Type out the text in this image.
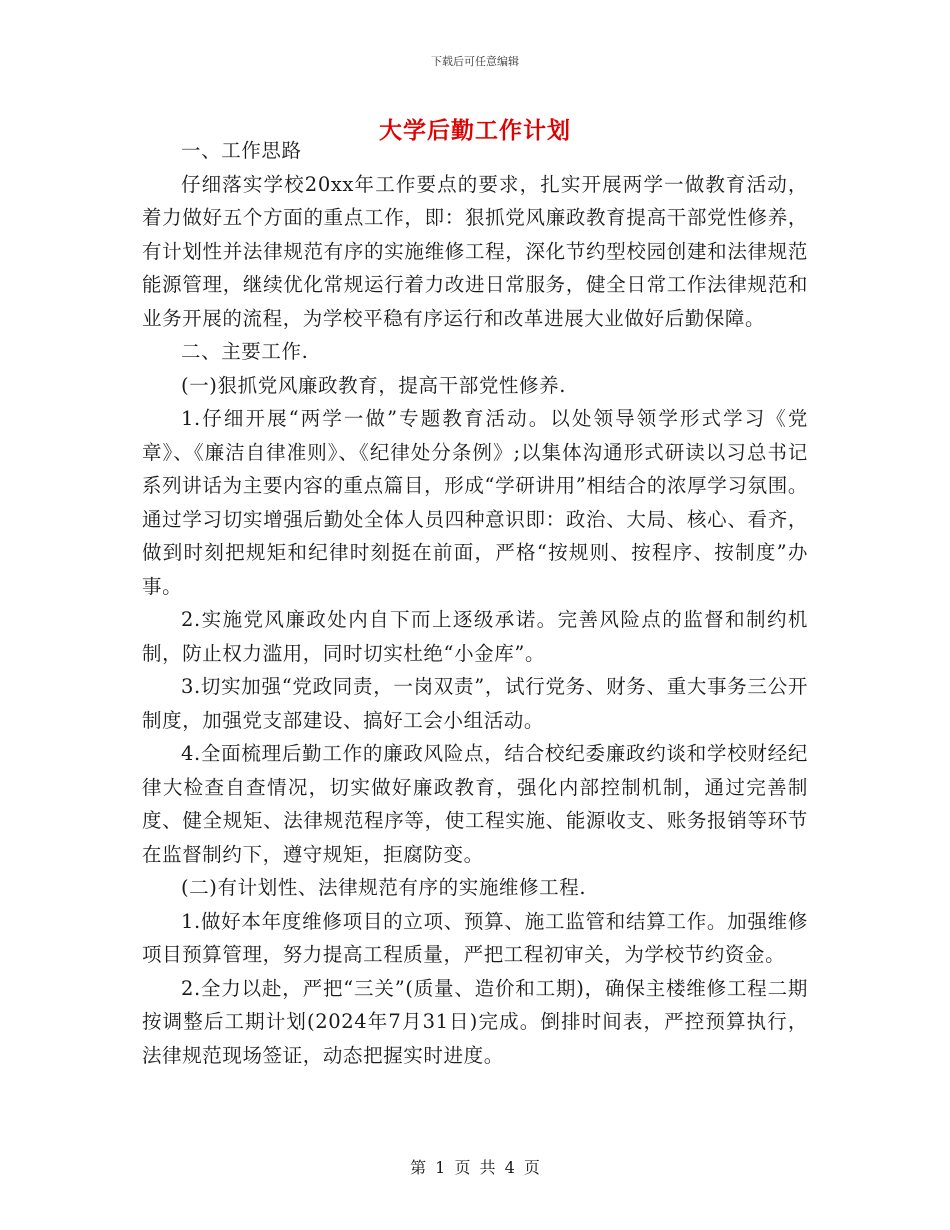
下载后可任意编辑
大学后勤工作计划

一、工作思路

仔细落实学校20xx年工作要点的要求，扎实开展两学一做教育活动，着力做好五个方面的重点工作，即：狠抓党风廉政教育提高干部党性修养，有计划性并法律规范有序的实施维修工程，深化节约型校园创建和法律规范能源管理，继续优化常规运行着力改进日常服务，健全日常工作法律规范和业务开展的流程，为学校平稳有序运行和改革进展大业做好后勤保障。

二、主要工作.

(一)狠抓党风廉政教育，提高干部党性修养.

1.仔细开展“两学一做”专题教育活动。以处领导领学形式学习《党章》、《廉洁自律准则》、《纪律处分条例》;以集体沟通形式研读以习总书记系列讲话为主要内容的重点篇目，形成“学研讲用”相结合的浓厚学习氛围。通过学习切实增强后勤处全体人员四种意识即：政治、大局、核心、看齐，做到时刻把规矩和纪律时刻挺在前面，严格“按规则、按程序、按制度”办事。

2.实施党风廉政处内自下而上逐级承诺。完善风险点的监督和制约机制，防止权力滥用，同时切实杜绝“小金库”。

3.切实加强“党政同责，一岗双责”，试行党务、财务、重大事务三公开制度，加强党支部建设、搞好工会小组活动。

4.全面梳理后勤工作的廉政风险点，结合校纪委廉政约谈和学校财经纪律大检查自查情况，切实做好廉政教育，强化内部控制机制，通过完善制度、健全规矩、法律规范程序等，使工程实施、能源收支、账务报销等环节在监督制约下，遵守规矩，拒腐防变。

(二)有计划性、法律规范有序的实施维修工程.

1.做好本年度维修项目的立项、预算、施工监管和结算工作。加强维修项目预算管理，努力提高工程质量，严把工程初审关，为学校节约资金。

2.全力以赴，严把“三关”(质量、造价和工期)，确保主楼维修工程二期按调整后工期计划(2024年7月31日)完成。倒排时间表，严控预算执行，法律规范现场签证，动态把握实时进度。

第 1 页 共 4 页
